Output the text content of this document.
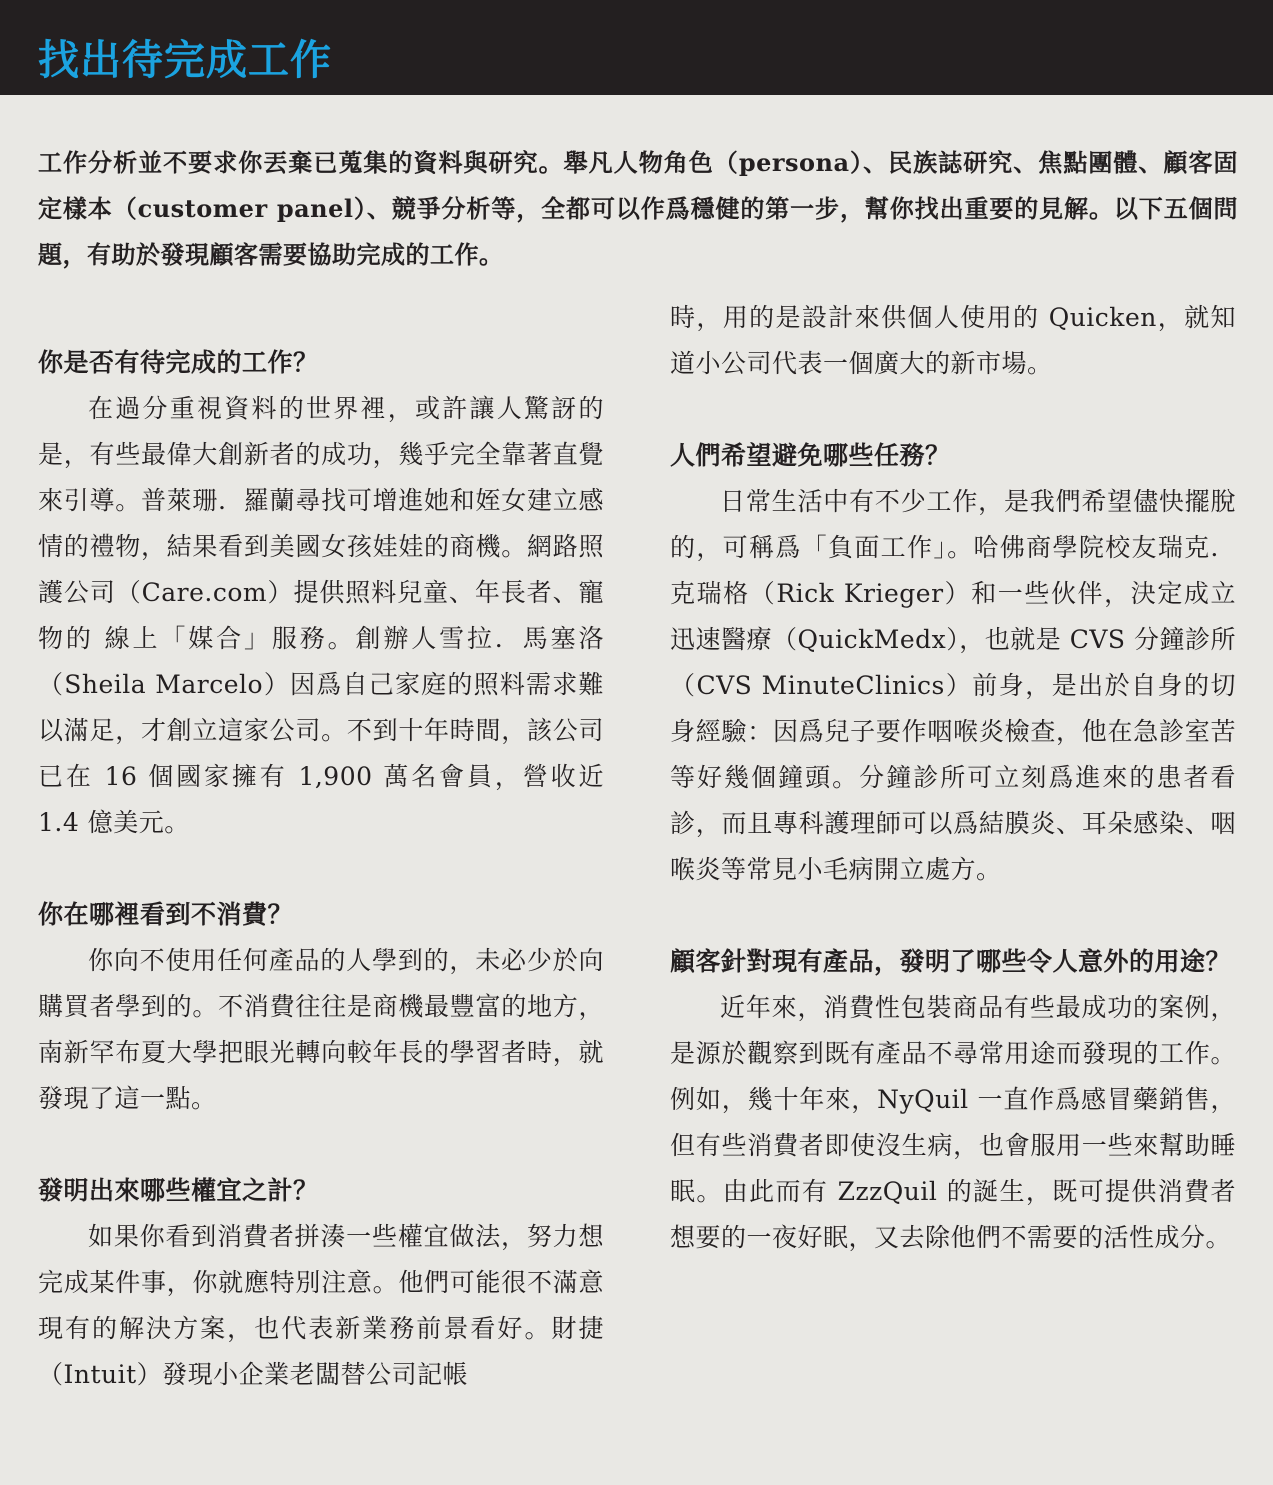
找出待完成工作

工作分析並不要求你丟棄已蒐集的資料與研究。舉凡人物角色（persona）、民族誌研究、焦點團體、顧客固定樣本（customer panel）、競爭分析等，全都可以作爲穩健的第一步，幫你找出重要的見解。以下五個問題，有助於發現顧客需要協助完成的工作。

你是否有待完成的工作？

在過分重視資料的世界裡，或許讓人驚訝的是，有些最偉大創新者的成功，幾乎完全靠著直覺來引導。普萊珊．羅蘭尋找可增進她和姪女建立感情的禮物，結果看到美國女孩娃娃的商機。網路照護公司（Care.com）提供照料兒童、年長者、寵物的 線上「媒合」服務。創辦人雪拉．馬塞洛（Sheila Marcelo）因爲自己家庭的照料需求難以滿足，才創立這家公司。不到十年時間，該公司已在 16 個國家擁有 1,900 萬名會員，營收近 1.4 億美元。

你在哪裡看到不消費？

你向不使用任何產品的人學到的，未必少於向購買者學到的。不消費往往是商機最豐富的地方，南新罕布夏大學把眼光轉向較年長的學習者時，就發現了這一點。

發明出來哪些權宜之計？

如果你看到消費者拼湊一些權宜做法，努力想完成某件事，你就應特別注意。他們可能很不滿意現有的解決方案，也代表新業務前景看好。財捷（Intuit）發現小企業老闆替公司記帳

時，用的是設計來供個人使用的 Quicken，就知道小公司代表一個廣大的新市場。

人們希望避免哪些任務？

日常生活中有不少工作，是我們希望儘快擺脫的，可稱爲「負面工作」。哈佛商學院校友瑞克．克瑞格（Rick Krieger）和一些伙伴，決定成立迅速醫療（QuickMedx），也就是 CVS 分鐘診所（CVS MinuteClinics）前身，是出於自身的切身經驗：因爲兒子要作咽喉炎檢查，他在急診室苦等好幾個鐘頭。分鐘診所可立刻爲進來的患者看診，而且專科護理師可以爲結膜炎、耳朵感染、咽喉炎等常見小毛病開立處方。

顧客針對現有產品，發明了哪些令人意外的用途？

近年來，消費性包裝商品有些最成功的案例，是源於觀察到既有產品不尋常用途而發現的工作。例如，幾十年來，NyQuil 一直作爲感冒藥銷售，但有些消費者即使沒生病，也會服用一些來幫助睡眠。由此而有 ZzzQuil 的誕生，既可提供消費者想要的一夜好眠，又去除他們不需要的活性成分。
